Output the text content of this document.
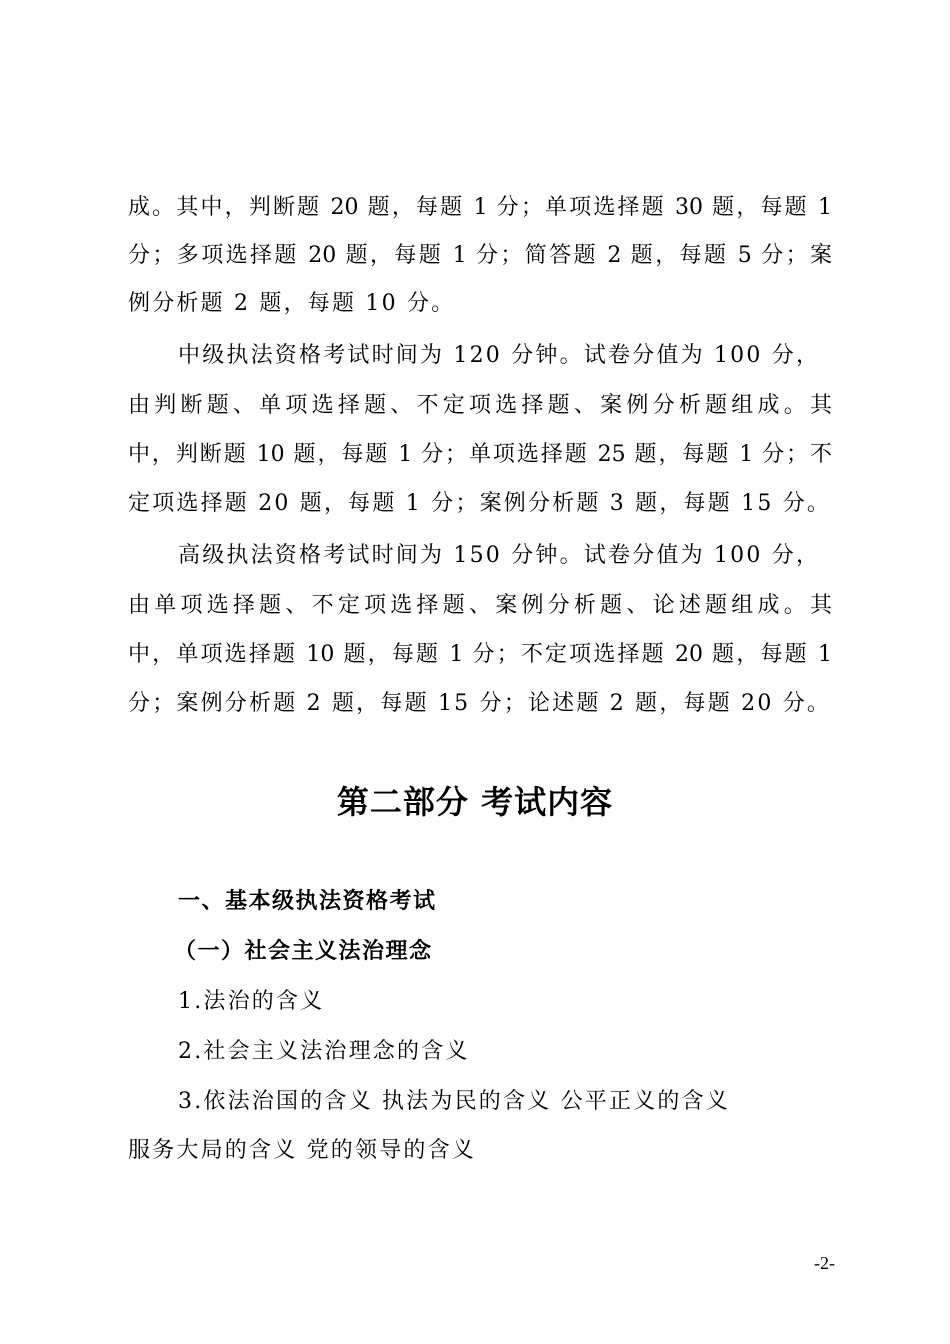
成。其中，判断题 20 题，每题 1 分；单项选择题 30 题，每题 1
分；多项选择题 20 题，每题 1 分；简答题 2 题，每题 5 分；案
例分析题 2 题，每题 10 分。
中级执法资格考试时间为 120 分钟。试卷分值为 100 分，
由判断题、单项选择题、不定项选择题、案例分析题组成。其
中，判断题 10 题，每题 1 分；单项选择题 25 题，每题 1 分；不
定项选择题 20 题，每题 1 分；案例分析题 3 题，每题 15 分。
高级执法资格考试时间为 150 分钟。试卷分值为 100 分，
由单项选择题、不定项选择题、案例分析题、论述题组成。其
中，单项选择题 10 题，每题 1 分；不定项选择题 20 题，每题 1
分；案例分析题 2 题，每题 15 分；论述题 2 题，每题 20 分。
第二部分 考试内容
一、基本级执法资格考试
（一）社会主义法治理念
1.法治的含义
2.社会主义法治理念的含义
3.依法治国的含义 执法为民的含义 公平正义的含义
服务大局的含义 党的领导的含义
-2-
